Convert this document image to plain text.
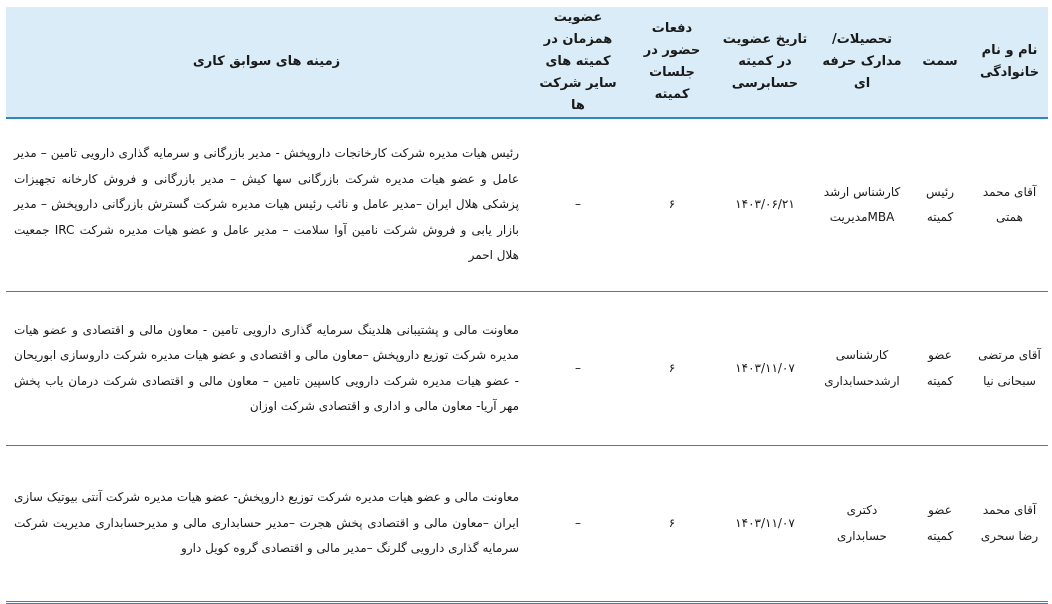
نام و نام خانوادگی	سمت	تحصیلات/ مدارک حرفه ای	تاریخ عضویت در کمیته حسابرسی	دفعات حضور در جلسات کمیته	عضویت همزمان در کمیته های سایر شرکت ها	زمینه های سوابق کاری
آقای محمد همتی	رئیس کمیته	کارشناس ارشد MBAمدیریت	۱۴۰۳/۰۶/۲۱	۶	–	رئیس هیات مدیره شرکت کارخانجات داروپخش - مدیر بازرگانی و سرمایه گذاری دارویی تامین – مدیر عامل و عضو هیات مدیره شرکت بازرگانی سها کیش – مدیر بازرگانی و فروش کارخانه تجهیزات پزشکی هلال ایران –مدیر عامل و نائب رئیس هیات مدیره شرکت گسترش بازرگانی داروپخش – مدیر بازار یابی و فروش شرکت نامین آوا سلامت – مدیر عامل و عضو هیات مدیره شرکت IRC جمعیت هلال احمر
آقای مرتضی سبحانی نیا	عضو کمیته	کارشناسی ارشدحسابداری	۱۴۰۳/۱۱/۰۷	۶	–	معاونت مالی و پشتیبانی هلدینگ سرمایه گذاری دارویی تامین - معاون مالی و اقتصادی و عضو هیات مدیره شرکت توزیع داروپخش –معاون مالی و اقتصادی و عضو هیات مدیره شرکت داروسازی ابوریحان - عضو هیات مدیره شرکت دارویی کاسپین تامین – معاون مالی و اقتصادی شرکت درمان یاب پخش مهر آریا- معاون مالی و اداری و اقتصادی شرکت اوزان
آقای محمد رضا سحری	عضو کمیته	دکتری حسابداری	۱۴۰۳/۱۱/۰۷	۶	–	معاونت مالی و عضو هیات مدیره شرکت توزیع داروپخش- عضو هیات مدیره شرکت آنتی بیوتیک سازی ایران –معاون مالی و اقتصادی پخش هجرت –مدیر حسابداری مالی و مدیرحسابداری مدیریت شرکت سرمایه گذاری دارویی گلرنگ –مدیر مالی و اقتصادی گروه کویل دارو
